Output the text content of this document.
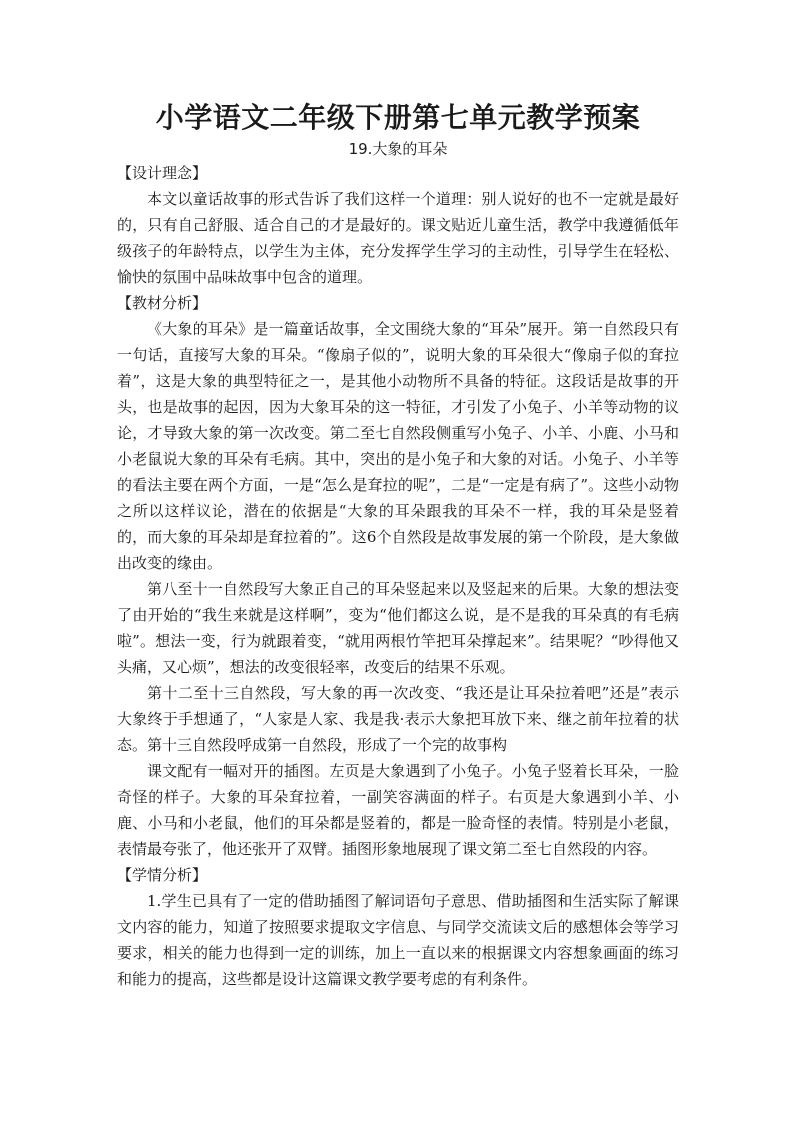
小学语文二年级下册第七单元教学预案
19.大象的耳朵
【设计理念】

本文以童话故事的形式告诉了我们这样一个道理：别人说好的也不一定就是最好的，只有自己舒服、适合自己的才是最好的。课文贴近儿童生活，教学中我遵循低年级孩子的年龄特点，以学生为主体，充分发挥学生学习的主动性，引导学生在轻松、愉快的氛围中品味故事中包含的道理。

【教材分析】

《大象的耳朵》是一篇童话故事，全文围绕大象的“耳朵”展开。第一自然段只有一句话，直接写大象的耳朵。“像扇子似的”，说明大象的耳朵很大“像扇子似的耷拉着”，这是大象的典型特征之一，是其他小动物所不具备的特征。这段话是故事的开头，也是故事的起因，因为大象耳朵的这一特征，才引发了小兔子、小羊等动物的议论，才导致大象的第一次改变。第二至七自然段侧重写小兔子、小羊、小鹿、小马和小老鼠说大象的耳朵有毛病。其中，突出的是小兔子和大象的对话。小兔子、小羊等的看法主要在两个方面，一是“怎么是耷拉的呢”，二是“一定是有病了”。这些小动物之所以这样议论，潜在的依据是“大象的耳朵跟我的耳朵不一样，我的耳朵是竖着的，而大象的耳朵却是耷拉着的”。这6个自然段是故事发展的第一个阶段，是大象做出改变的缘由。

第八至十一自然段写大象正自己的耳朵竖起来以及竖起来的后果。大象的想法变了由开始的“我生来就是这样啊”，变为“他们都这么说，是不是我的耳朵真的有毛病啦”。想法一变，行为就跟着变，“就用两根竹竿把耳朵撑起来”。结果呢？“吵得他又头痛，又心烦”，想法的改变很轻率，改变后的结果不乐观。

第十二至十三自然段，写大象的再一次改变、“我还是让耳朵拉着吧”还是”表示大象终于手想通了，“人家是人家、我是我·表示大象把耳放下来、继之前年拉着的状态。第十三自然段呼成第一自然段，形成了一个完的故事构

课文配有一幅对开的插图。左页是大象遇到了小兔子。小兔子竖着长耳朵，一脸奇怪的样子。大象的耳朵耷拉着，一副笑容满面的样子。右页是大象遇到小羊、小鹿、小马和小老鼠，他们的耳朵都是竖着的，都是一脸奇怪的表情。特别是小老鼠，表情最夸张了，他还张开了双臂。插图形象地展现了课文第二至七自然段的内容。

【学情分析】

1.学生已具有了一定的借助插图了解词语句子意思、借助插图和生活实际了解课文内容的能力，知道了按照要求提取文字信息、与同学交流读文后的感想体会等学习要求，相关的能力也得到一定的训练，加上一直以来的根据课文内容想象画面的练习和能力的提高，这些都是设计这篇课文教学要考虑的有利条件。
